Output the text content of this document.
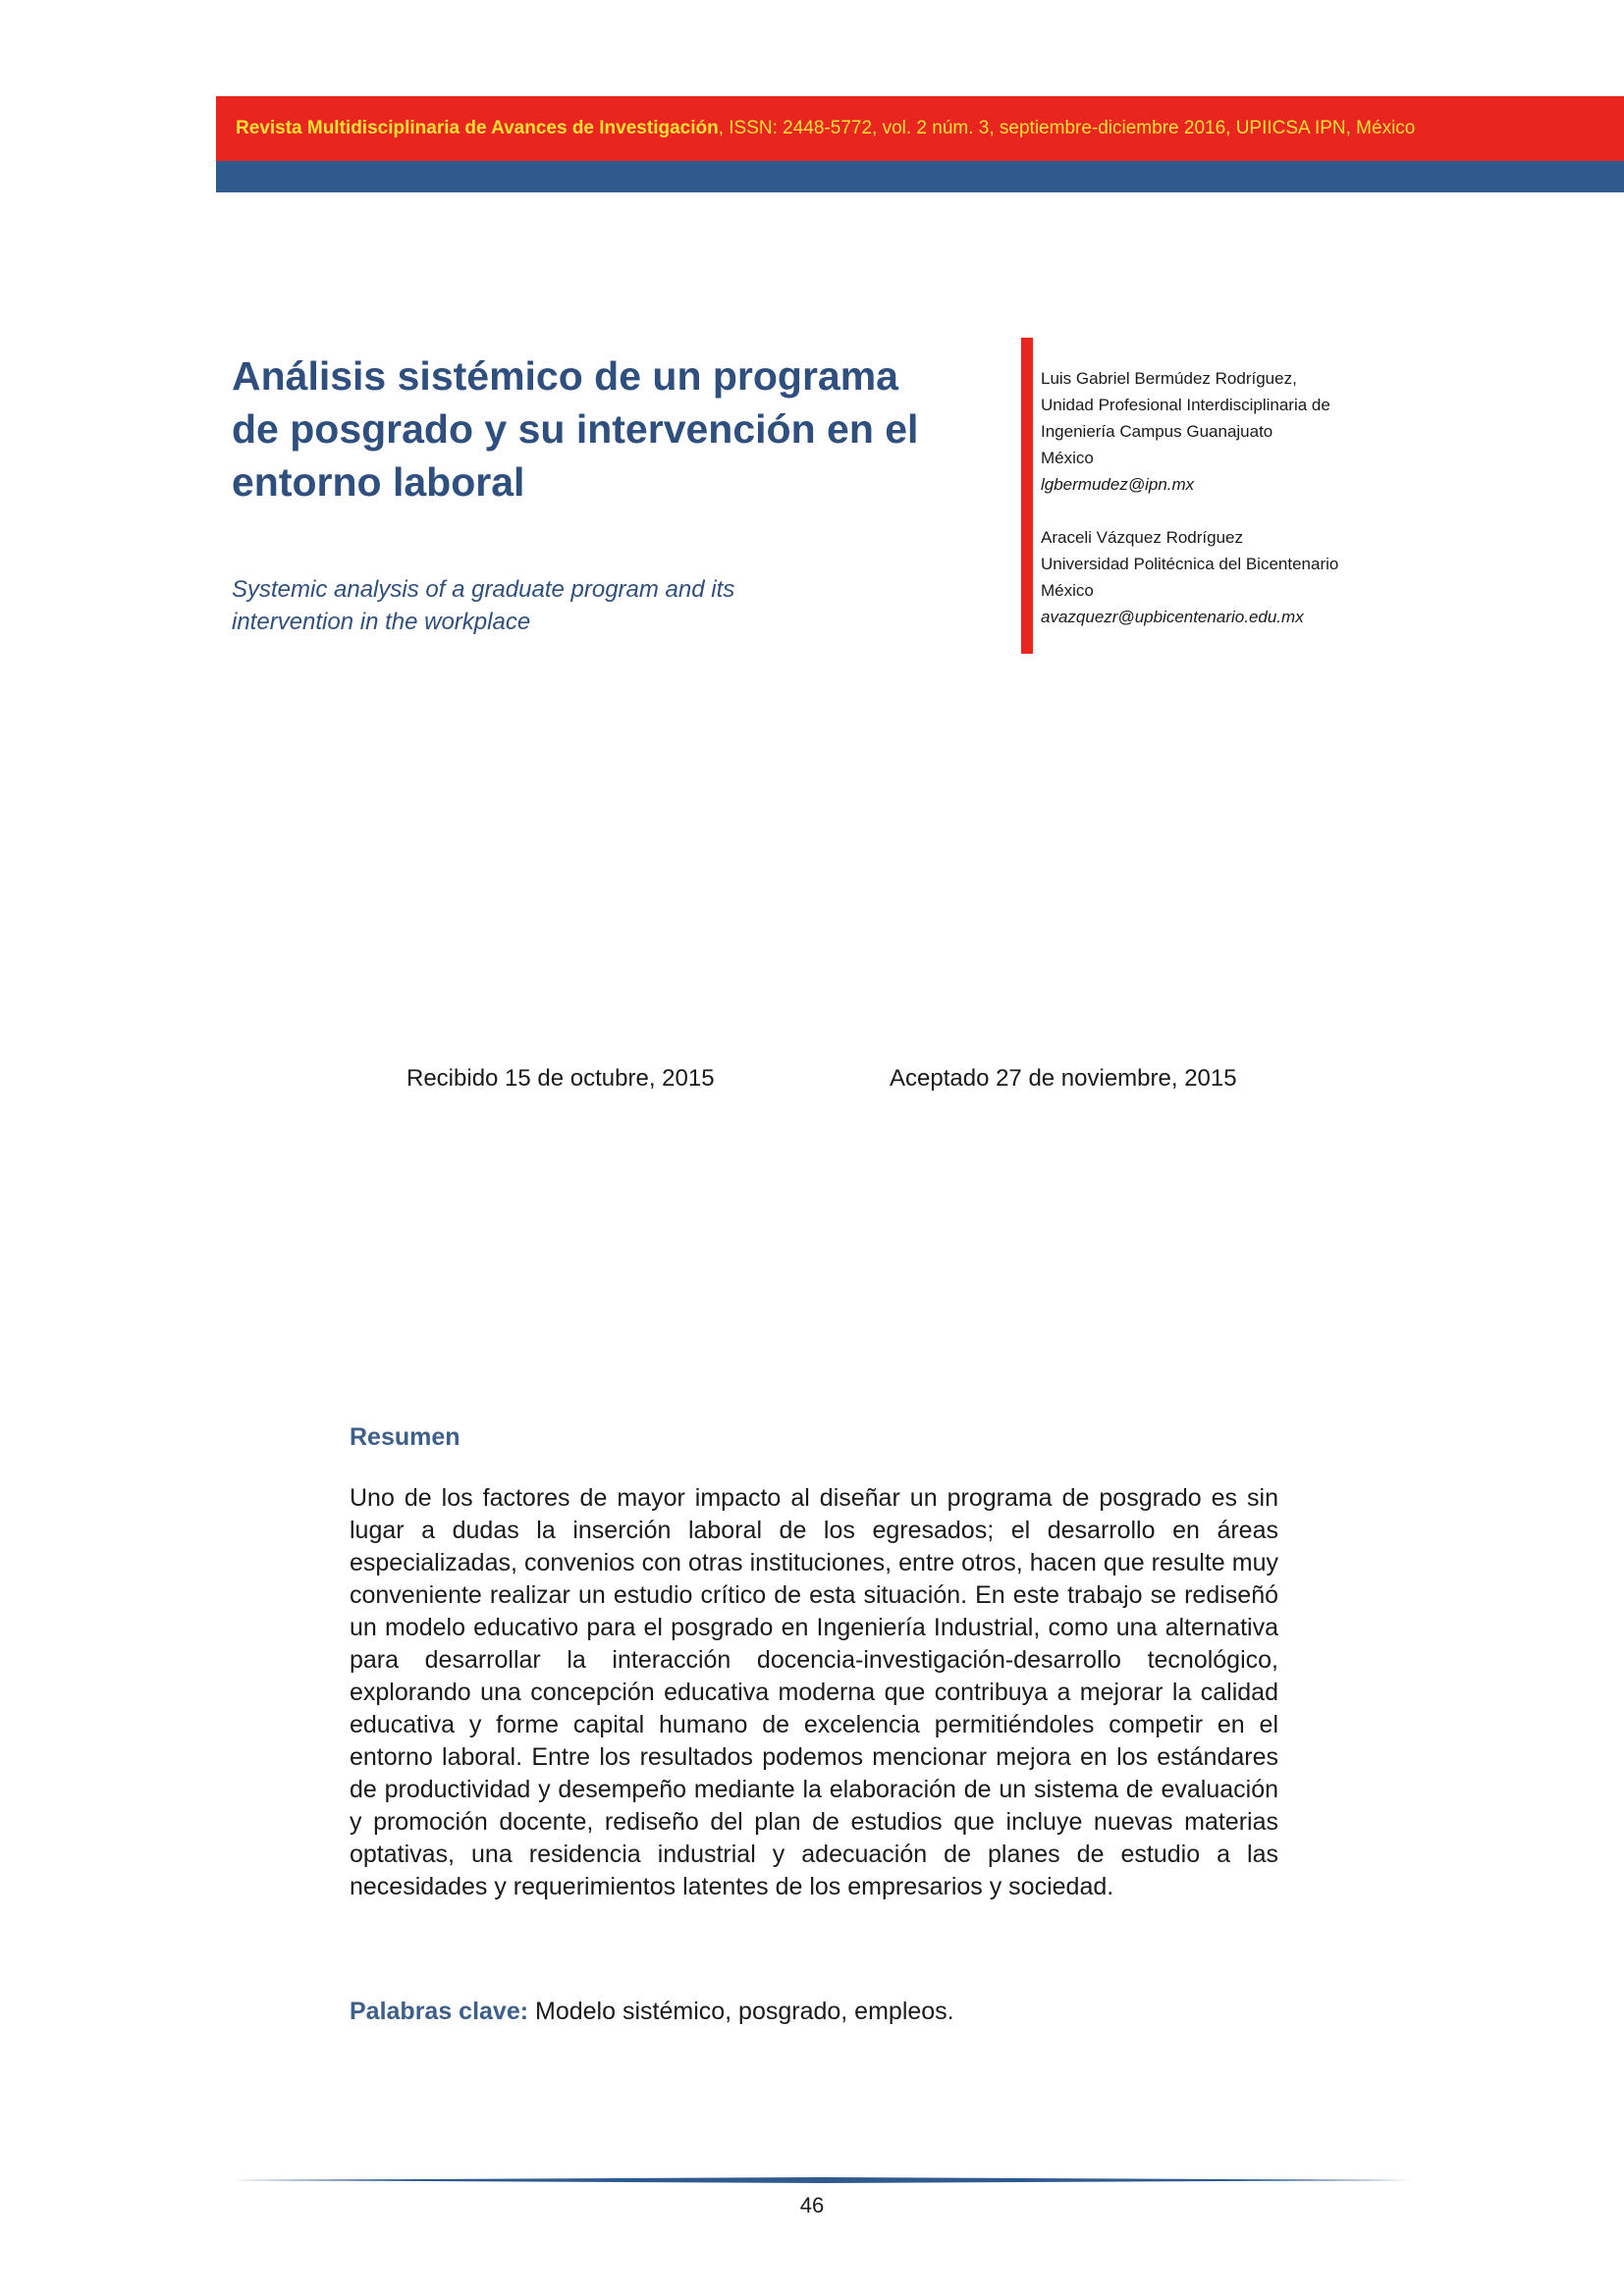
Revista Multidisciplinaria de Avances de Investigación , ISSN: 2448-5772, vol. 2 núm. 3, septiembre-diciembre 2016, UPIICSA IPN, México
Análisis sistémico de un programa de posgrado y su intervención en el entorno laboral

Systemic analysis of a graduate program and its intervention in the workplace

Luis Gabriel Bermúdez Rodríguez,
Unidad Profesional Interdisciplinaria de
Ingeniería Campus Guanajuato
México
lgbermudez@ipn.mx
Araceli Vázquez Rodríguez
Universidad Politécnica del Bicentenario
México
avazquezr@upbicentenario.edu.mx
Recibido 15 de octubre, 2015	Aceptado 27 de noviembre, 2015
Resumen

Uno de los factores de mayor impacto al diseñar un programa de posgrado es sin lugar a dudas la inserción laboral de los egresados; el desarrollo en áreas especializadas, convenios con otras instituciones, entre otros, hacen que resulte muy conveniente realizar un estudio crítico de esta situación. En este trabajo se rediseñó un modelo educativo para el posgrado en Ingeniería Industrial, como una alternativa para desarrollar la interacción docencia-investigación-desarrollo tecnológico, explorando una concepción educativa moderna que contribuya a mejorar la calidad educativa y forme capital humano de excelencia permitiéndoles competir en el entorno laboral. Entre los resultados podemos mencionar mejora en los estándares de productividad y desempeño mediante la elaboración de un sistema de evaluación y promoción docente, rediseño del plan de estudios que incluye nuevas materias optativas, una residencia industrial y adecuación de planes de estudio a las necesidades y requerimientos latentes de los empresarios y sociedad.

Palabras clave: Modelo sistémico, posgrado, empleos.
46
